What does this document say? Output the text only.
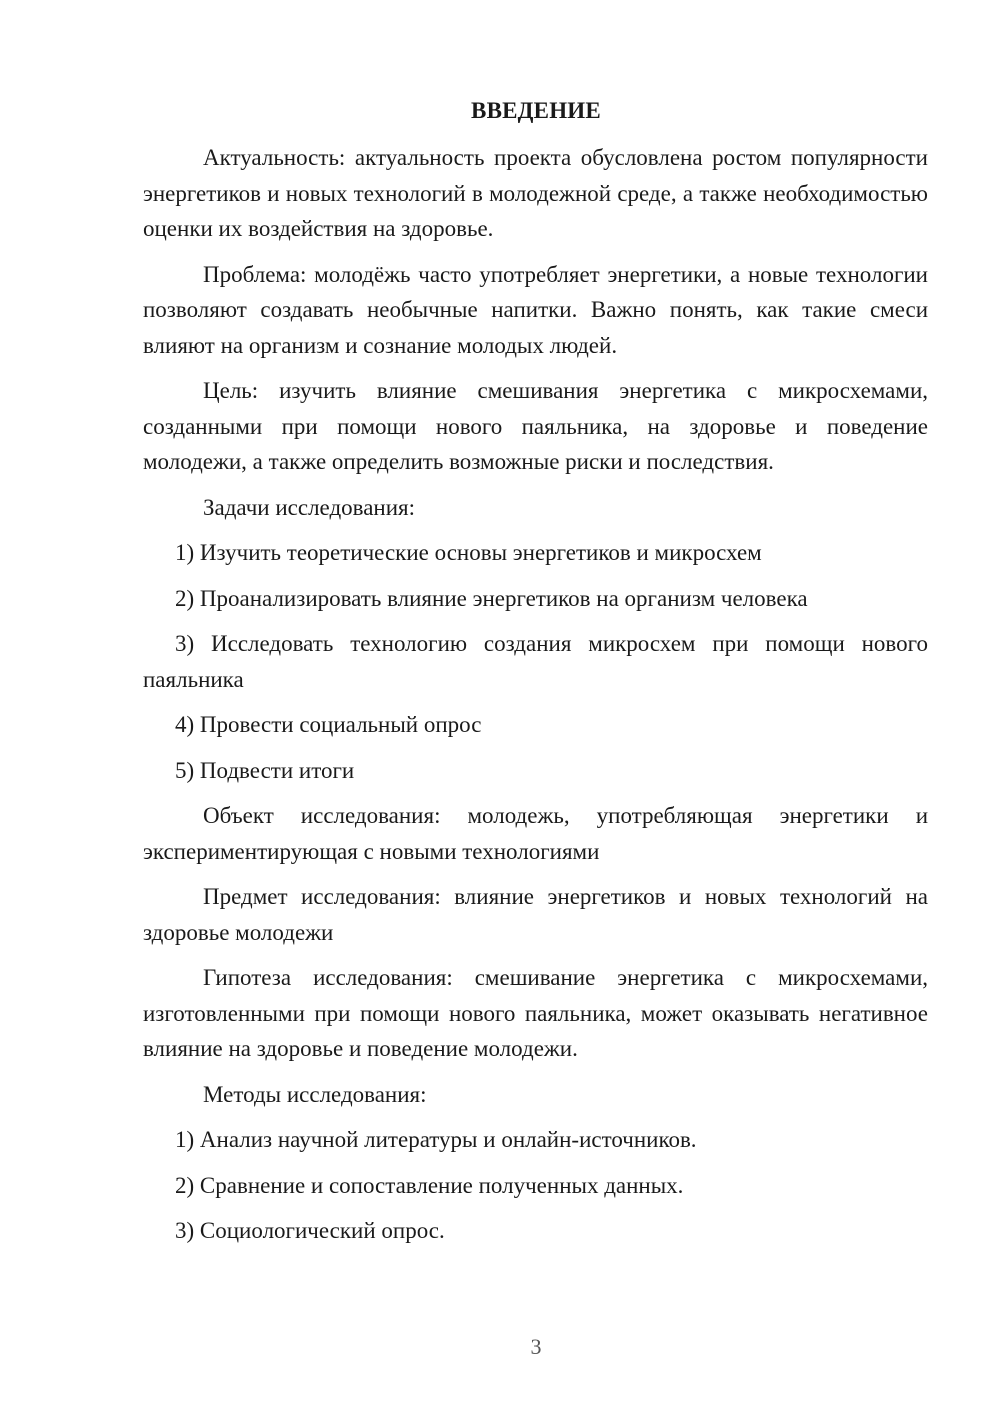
ВВЕДЕНИЕ

Актуальность: актуальность проекта обусловлена ростом популярности энергетиков и новых технологий в молодежной среде, а также необходимостью оценки их воздействия на здоровье.

Проблема: молодёжь часто употребляет энергетики, а новые технологии позволяют создавать необычные напитки. Важно понять, как такие смеси влияют на организм и сознание молодых людей.

Цель: изучить влияние смешивания энергетика с микросхемами, созданными при помощи нового паяльника, на здоровье и поведение молодежи, а также определить возможные риски и последствия.

Задачи исследования:

1) Изучить теоретические основы энергетиков и микросхем

2) Проанализировать влияние энергетиков на организм человека

3) Исследовать технологию создания микросхем при помощи нового паяльника

4) Провести социальный опрос

5) Подвести итоги

Объект исследования: молодежь, употребляющая энергетики и экспериментирующая с новыми технологиями

Предмет исследования: влияние энергетиков и новых технологий на здоровье молодежи

Гипотеза исследования: смешивание энергетика с микросхемами, изготовленными при помощи нового паяльника, может оказывать негативное влияние на здоровье и поведение молодежи.

Методы исследования:

1) Анализ научной литературы и онлайн-источников.

2) Сравнение и сопоставление полученных данных.

3) Социологический опрос.

3
